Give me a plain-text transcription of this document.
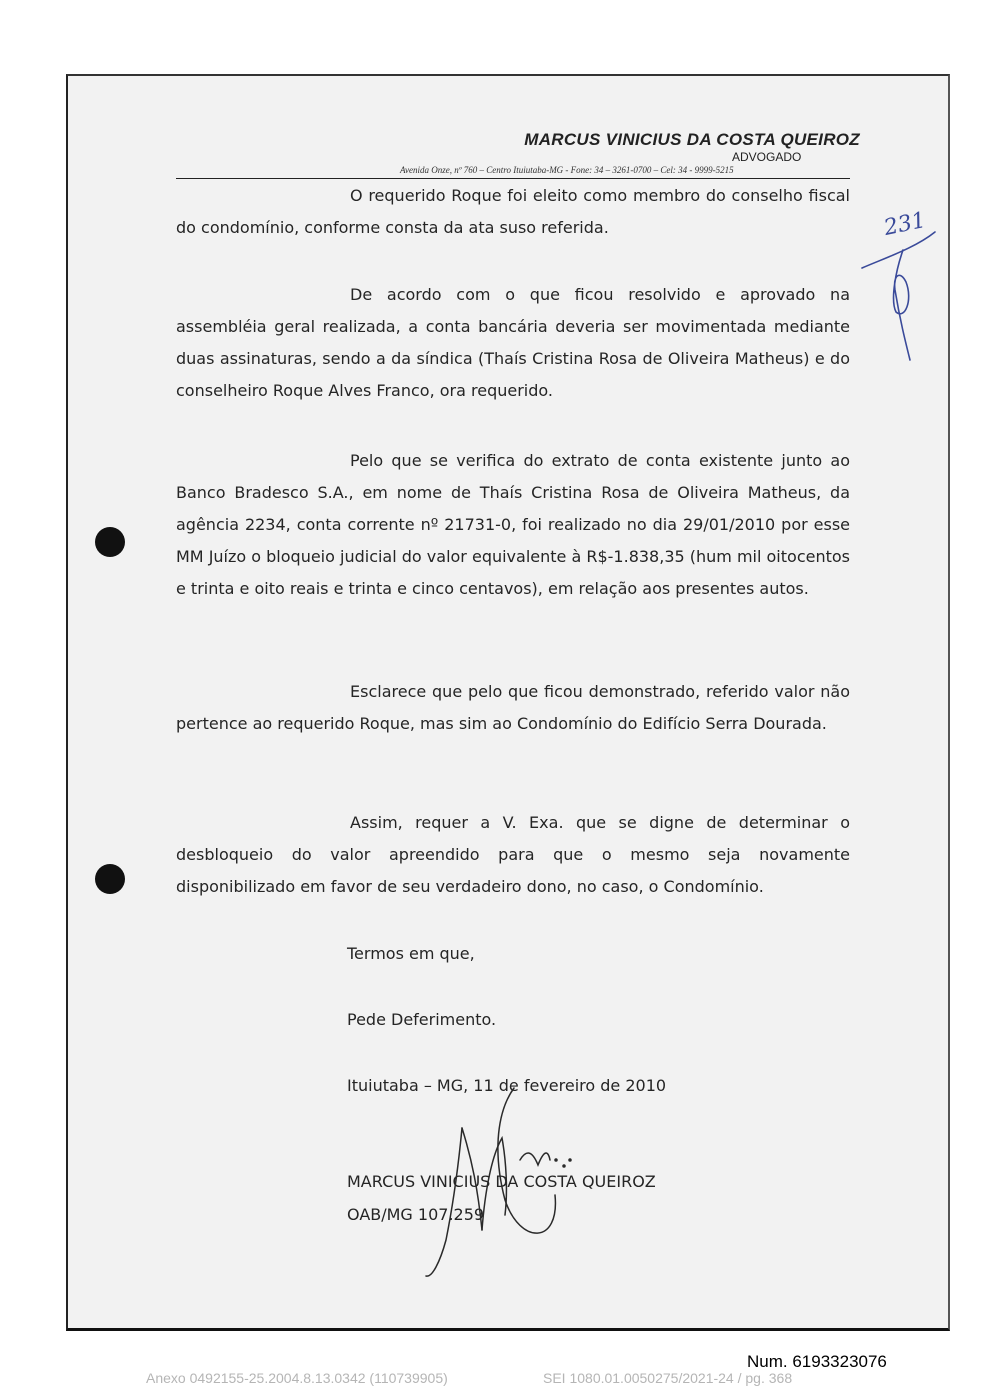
MARCUS VINICIUS DA COSTA QUEIROZ
ADVOGADO
Avenida Onze, nº 760 – Centro Ituiutaba-MG - Fone: 34 – 3261-0700 – Cel: 34 - 9999-5215
O requerido Roque foi eleito como membro do conselho fiscal do condomínio, conforme consta da ata suso referida.
De acordo com o que ficou resolvido e aprovado na assembléia geral realizada, a conta bancária deveria ser movimentada mediante duas assinaturas, sendo a da síndica (Thaís Cristina Rosa de Oliveira Matheus) e do conselheiro Roque Alves Franco, ora requerido.
Pelo que se verifica do extrato de conta existente junto ao Banco Bradesco S.A., em nome de Thaís Cristina Rosa de Oliveira Matheus, da agência 2234, conta corrente nº 21731-0, foi realizado no dia 29/01/2010 por esse MM Juízo o bloqueio judicial do valor equivalente à R$-1.838,35 (hum mil oitocentos e trinta e oito reais e trinta e cinco centavos), em relação aos presentes autos.
Esclarece que pelo que ficou demonstrado, referido valor não pertence ao requerido Roque, mas sim ao Condomínio do Edifício Serra Dourada.
Assim, requer a V. Exa. que se digne de determinar o desbloqueio do valor apreendido para que o mesmo seja novamente disponibilizado em favor de seu verdadeiro dono, no caso, o Condomínio.
Termos em que,
Pede Deferimento.
Ituiutaba – MG, 11 de fevereiro de 2010
MARCUS VINICIUS DA COSTA QUEIROZ
OAB/MG 107.259
231
Num. 6193323076
Anexo 0492155-25.2004.8.13.0342 (110739905)	SEI 1080.01.0050275/2021-24 / pg. 368
